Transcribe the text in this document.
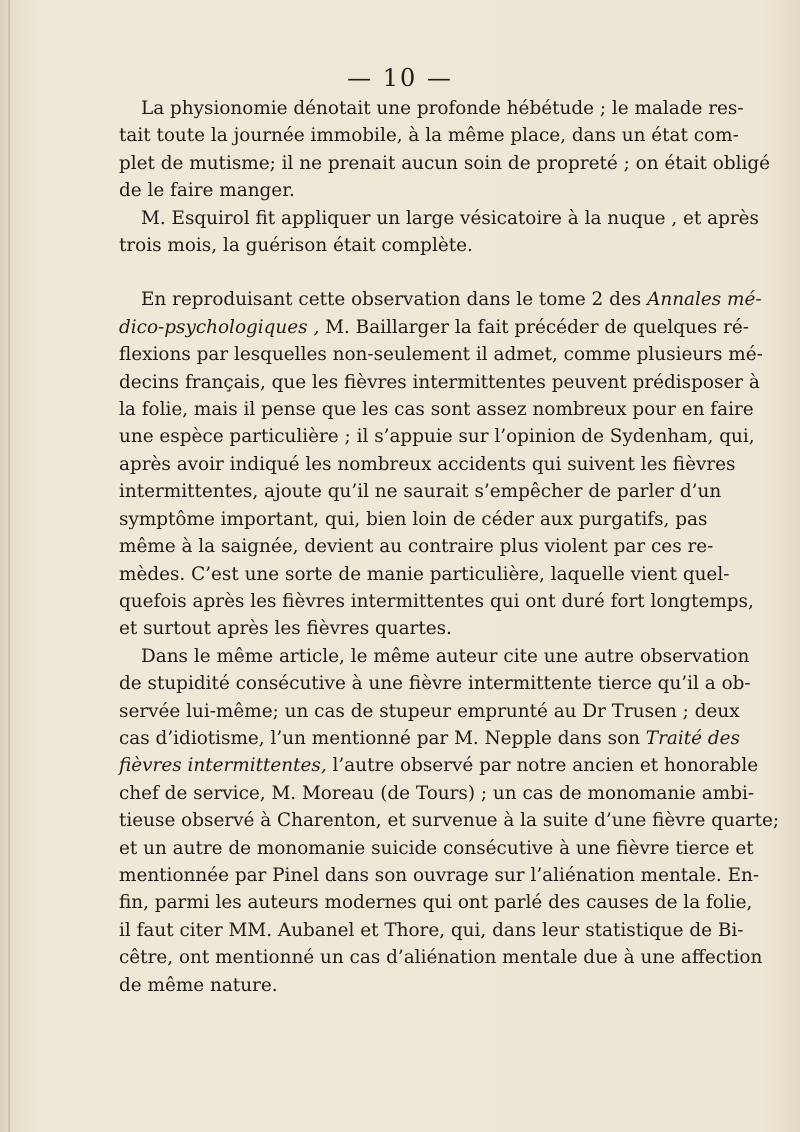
— 10 —

La physionomie dénotait une profonde hébétude ; le malade res-
tait toute la journée immobile, à la même place, dans un état com-
plet de mutisme; il ne prenait aucun soin de propreté ; on était obligé
de le faire manger.

M. Esquirol fit appliquer un large vésicatoire à la nuque , et après
trois mois, la guérison était complète.

En reproduisant cette observation dans le tome 2 des Annales mé-
dico-psychologiques , M. Baillarger la fait précéder de quelques ré-
flexions par lesquelles non-seulement il admet, comme plusieurs mé-
decins français, que les fièvres intermittentes peuvent prédisposer à
la folie, mais il pense que les cas sont assez nombreux pour en faire
une espèce particulière ; il s’appuie sur l’opinion de Sydenham, qui,
après avoir indiqué les nombreux accidents qui suivent les fièvres
intermittentes, ajoute qu’il ne saurait s’empêcher de parler d’un
symptôme important, qui, bien loin de céder aux purgatifs, pas
même à la saignée, devient au contraire plus violent par ces re-
mèdes. C’est une sorte de manie particulière, laquelle vient quel-
quefois après les fièvres intermittentes qui ont duré fort longtemps,
et surtout après les fièvres quartes.

Dans le même article, le même auteur cite une autre observation
de stupidité consécutive à une fièvre intermittente tierce qu’il a ob-
servée lui-même; un cas de stupeur emprunté au Dr Trusen ; deux
cas d’idiotisme, l’un mentionné par M. Nepple dans son Traité des
fièvres intermittentes, l’autre observé par notre ancien et honorable
chef de service, M. Moreau (de Tours) ; un cas de monomanie ambi-
tieuse observé à Charenton, et survenue à la suite d’une fièvre quarte;
et un autre de monomanie suicide consécutive à une fièvre tierce et
mentionnée par Pinel dans son ouvrage sur l’aliénation mentale. En-
fin, parmi les auteurs modernes qui ont parlé des causes de la folie,
il faut citer MM. Aubanel et Thore, qui, dans leur statistique de Bi-
cêtre, ont mentionné un cas d’aliénation mentale due à une affection
de même nature.
